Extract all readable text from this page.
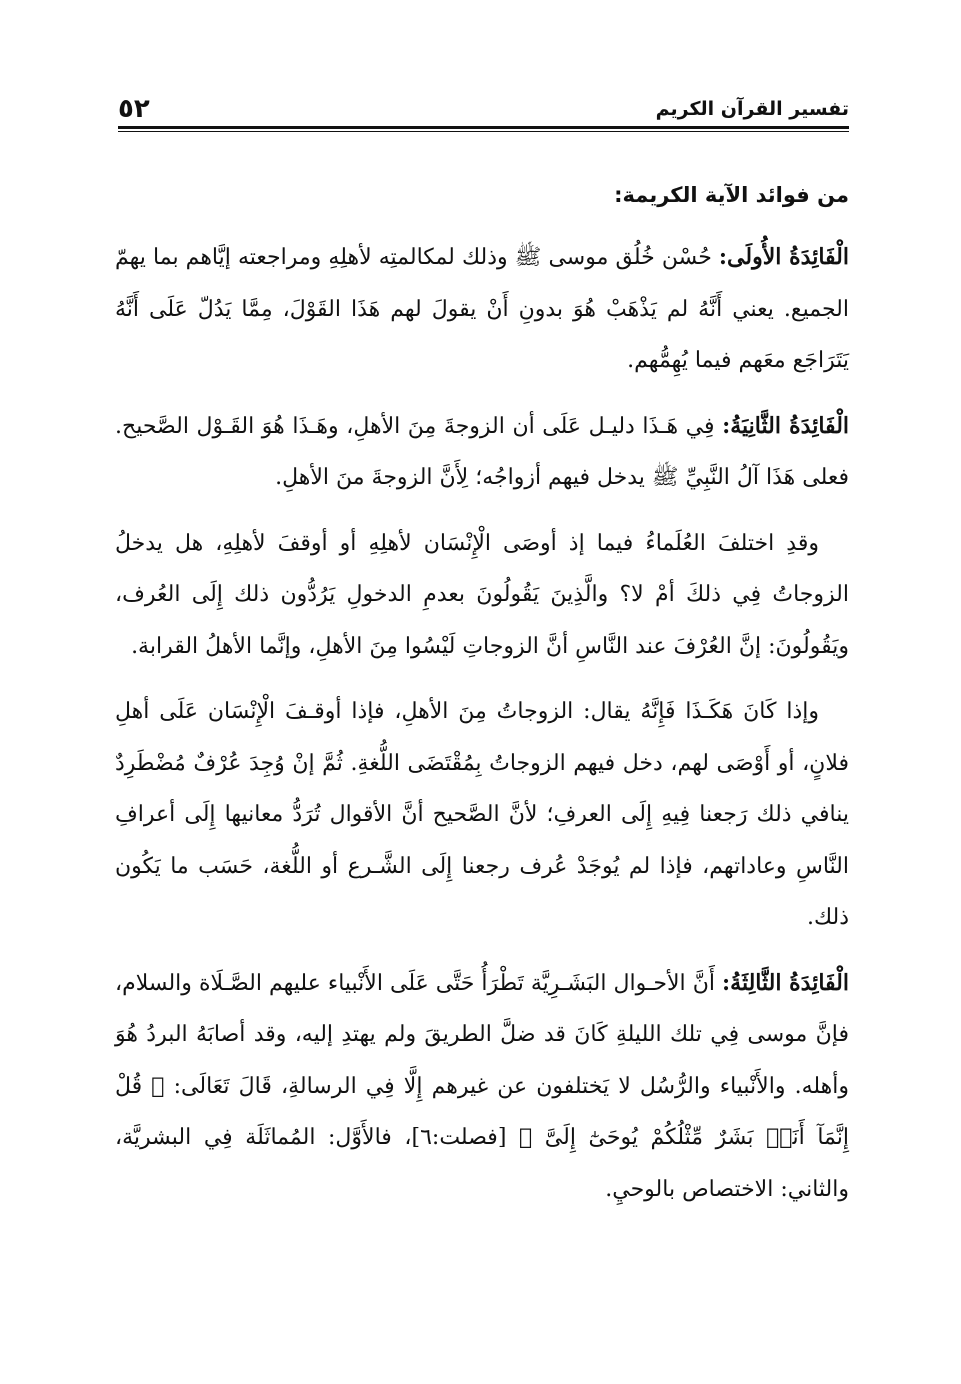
تفسير القرآن الكريم
٥٢
من فوائد الآية الكريمة:

الْفَائِدَةُ الأُولَى: حُسْن خُلُق موسى ﷺ وذلك لمكالمتِه لأهلِهِ ومراجعته إيَّاهم بما يهمّ الجميع. يعني أَنَّهُ لم يَذْهَبْ هُوَ بدونِ أَنْ يقولَ لهم هَذَا القَوْلَ، مِمَّا يَدُلّ عَلَى أَنَّهُ يَتَرَاجَع معَهم فيما يُهِمُّهم.

الْفَائِدَةُ الثَّانِيَةُ: فِي هَـذَا دليـل عَلَى أن الزوجةَ مِنَ الأهلِ، وهَـذَا هُوَ القَـوْل الصَّحيح. فعلى هَذَا آلُ النَّبِيِّ ﷺ يدخل فيهم أزواجُه؛ لِأَنَّ الزوجةَ منَ الأهلِ.

وقدِ اختلفَ العُلَماءُ فيما إذ أوصَى الْإِنْسَان لأهلِهِ أو أوقفَ لأهلِهِ، هل يدخلُ الزوجاتُ فِي ذلكَ أمْ لا؟ والَّذِينَ يَقُولُونَ بعدمِ الدخولِ يَرُدُّون ذلك إِلَى العُرف، ويَقُولُونَ: إنَّ العُرْفَ عند النَّاسِ أنَّ الزوجاتِ لَيْسُوا مِنَ الأهلِ، وإنَّما الأهلُ القرابة.

وإذا كَانَ هَكَـذَا فَإِنَّهُ يقال: الزوجاتُ مِنَ الأهلِ، فإذا أوقـفَ الْإِنْسَان عَلَى أهلِ فلانٍ، أو أَوْصَى لهم، دخل فيهم الزوجاتُ بِمُقْتَضَى اللُّغةِ. ثُمَّ إنْ وُجِدَ عُرْفٌ مُضْطَرِدٌ ينافي ذلك رَجعنا فِيهِ إِلَى العرفِ؛ لأنَّ الصَّحيح أنَّ الأقوال تُرَدُّ معانيها إِلَى أعرافِ النَّاسِ وعاداتهم، فإذا لم يُوجَدْ عُرف رجعنا إِلَى الشَّـرع أو اللُّغة، حَسَب ما يَكُون ذلك.

الْفَائِدَةُ الثَّالِثَةُ: أَنَّ الأحـوال البَشَـرِيَّة تَطْرَأُ حَتَّى عَلَى الأَنْبياء عليهم الصَّـلَاة والسلام، فإنَّ موسى فِي تلك الليلةِ كَانَ قد ضلَّ الطريقَ ولم يهتدِ إليه، وقد أصابَهُ البردُ هُوَ وأهله. والأَنْبياء والرُّسُل لا يَختلفون عن غيرهم إِلَّا فِي الرسالةِ، قَالَ تَعَالَى: ﴿ قُلْ إِنَّمَآ أَنَا۠ بَشَرٌ مِّثْلُكُمْ يُوحَىٰٓ إِلَىَّ ﴾ [فصلت:٦]، فالأَوَّل: المُماثَلَة فِي البشريَّة، والثاني: الاختصاص بالوحيِ.
